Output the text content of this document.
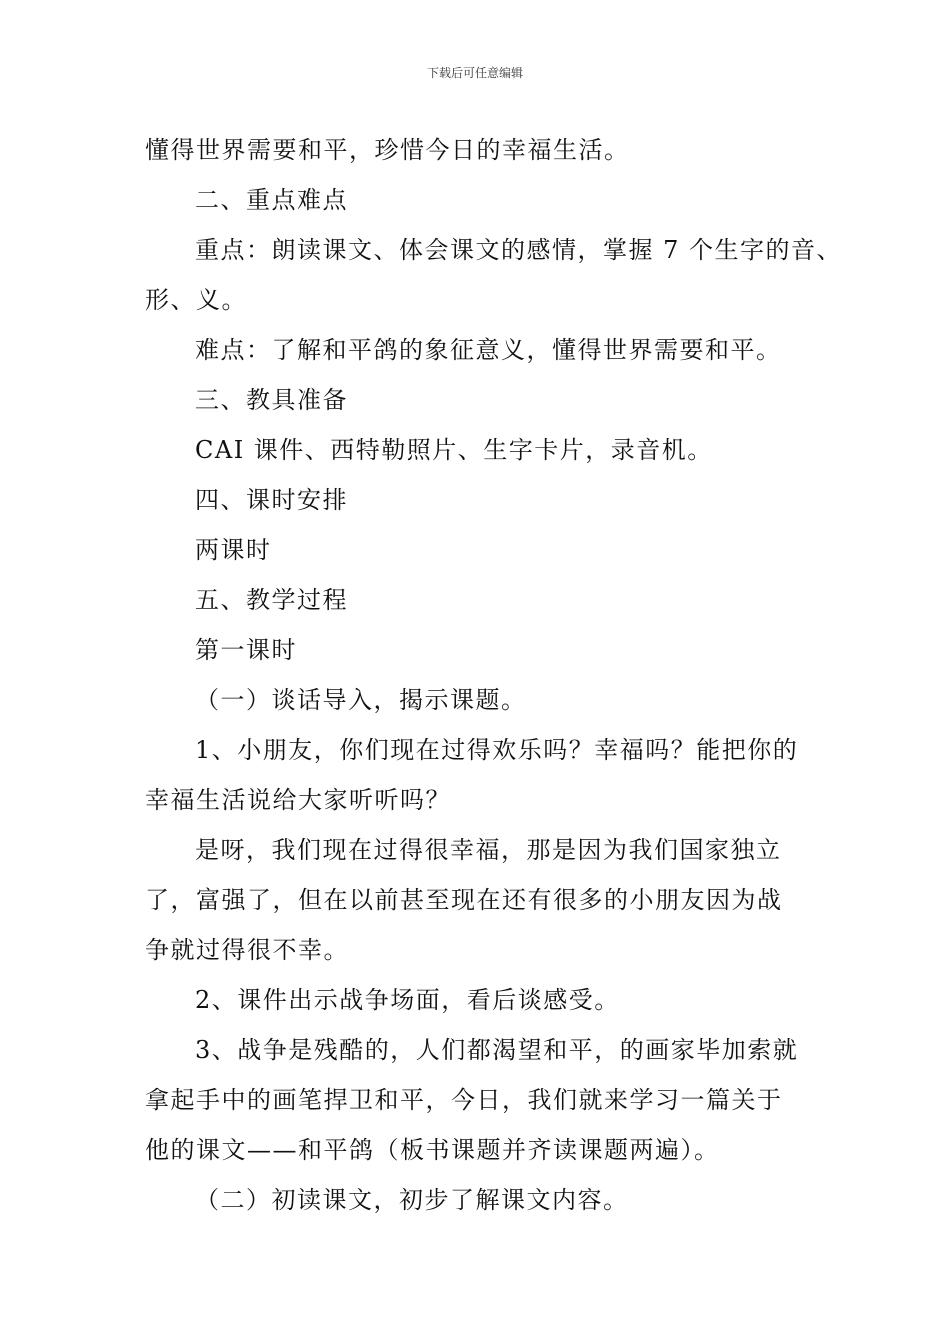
下载后可任意编辑

懂得世界需要和平，珍惜今日的幸福生活。

二、重点难点

重点：朗读课文、体会课文的感情，掌握 7 个生字的音、

形、义。

难点：了解和平鸽的象征意义，懂得世界需要和平。

三、教具准备

CAI 课件、西特勒照片、生字卡片，录音机。

四、课时安排

两课时

五、教学过程

第一课时

（一）谈话导入，揭示课题。

1、小朋友，你们现在过得欢乐吗？幸福吗？能把你的

幸福生活说给大家听听吗？

是呀，我们现在过得很幸福，那是因为我们国家独立

了，富强了，但在以前甚至现在还有很多的小朋友因为战

争就过得很不幸。

2、课件出示战争场面，看后谈感受。

3、战争是残酷的，人们都渴望和平，的画家毕加索就

拿起手中的画笔捍卫和平，今日，我们就来学习一篇关于

他的课文——和平鸽（板书课题并齐读课题两遍）。

（二）初读课文，初步了解课文内容。
